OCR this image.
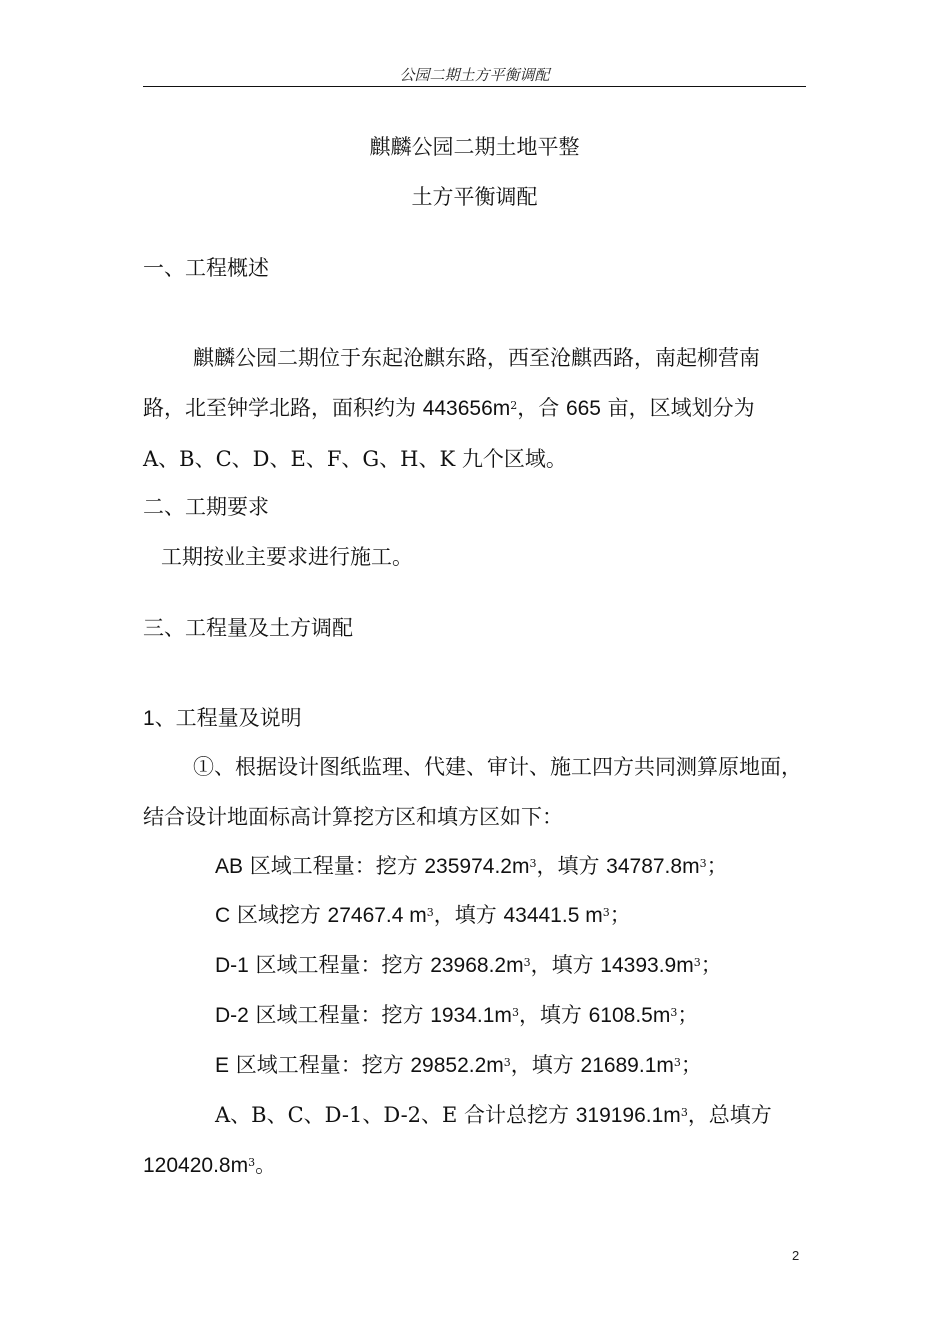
公园二期土方平衡调配
麒麟公园二期土地平整
土方平衡调配
一、工程概述
麒麟公园二期位于东起沧麒东路，西至沧麒西路，南起柳营南
路，北至钟学北路，面积约为 $443656m^2$，合 665 亩，区域划分为
A、B、C、D、E、F、G、H、K 九个区域。
二、工期要求
工期按业主要求进行施工。
三、工程量及土方调配
1、工程量及说明
①、根据设计图纸监理、代建、审计、施工四方共同测算原地面，
结合设计地面标高计算挖方区和填方区如下：
AB 区域工程量：挖方 $235974.2m^3$，填方 $34787.8m^3$；
C 区域挖方 27467.4 $m^3$，填方 43441.5 $m^3$；
D-1 区域工程量：挖方 $23968.2m^3$，填方 $14393.9m^3$；
D-2 区域工程量：挖方 $1934.1m^3$，填方 $6108.5m^3$；
E 区域工程量：挖方 $29852.2m^3$，填方 $21689.1m^3$；
A、B、C、D-1、D-2、E 合计总挖方 $319196.1m^3$，总填方
$120420.8m^3$。
2
